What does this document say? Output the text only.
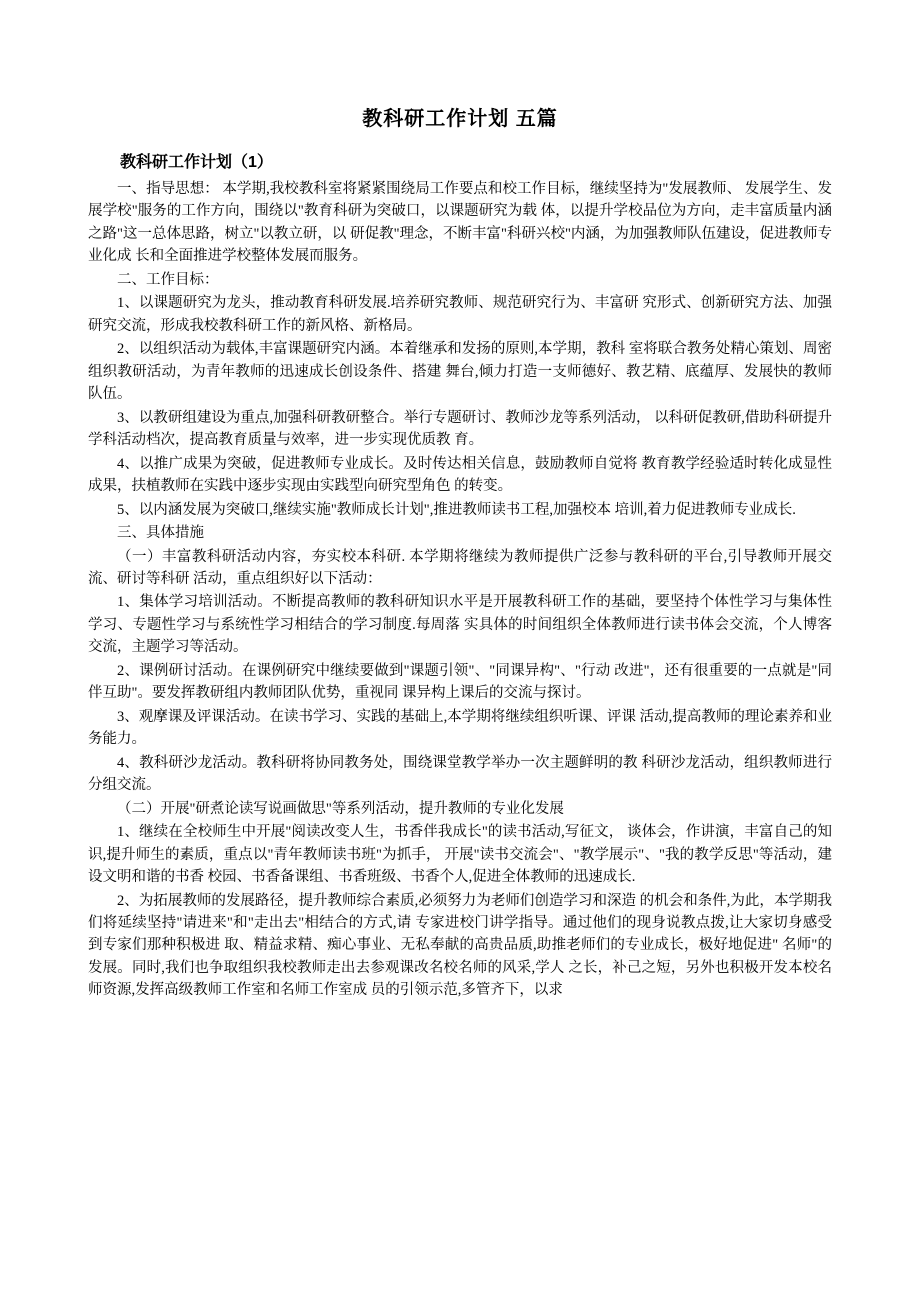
教科研工作计划 五篇
教科研工作计划（1）

一、指导思想： 本学期,我校教科室将紧紧围绕局工作要点和校工作目标，继续坚持为"发展教师、 发展学生、发展学校"服务的工作方向，围绕以"教育科研为突破口，以课题研究为载 体，以提升学校品位为方向，走丰富质量内涵之路"这一总体思路，树立"以教立研，以 研促教"理念，不断丰富"科研兴校"内涵，为加强教师队伍建设，促进教师专业化成 长和全面推进学校整体发展而服务。

二、工作目标：

1、以课题研究为龙头，推动教育科研发展.培养研究教师、规范研究行为、丰富研 究形式、创新研究方法、加强研究交流，形成我校教科研工作的新风格、新格局。

2、以组织活动为载体,丰富课题研究内涵。本着继承和发扬的原则,本学期，教科 室将联合教务处精心策划、周密组织教研活动，为青年教师的迅速成长创设条件、搭建 舞台,倾力打造一支师德好、教艺精、底蕴厚、发展快的教师队伍。

3、以教研组建设为重点,加强科研教研整合。举行专题研讨、教师沙龙等系列活动， 以科研促教研,借助科研提升学科活动档次，提高教育质量与效率，进一步实现优质教 育。

4、以推广成果为突破，促进教师专业成长。及时传达相关信息，鼓励教师自觉将 教育教学经验适时转化成显性成果，扶植教师在实践中逐步实现由实践型向研究型角色 的转变。

5、以内涵发展为突破口,继续实施"教师成长计划",推进教师读书工程,加强校本 培训,着力促进教师专业成长.

三、具体措施

（一）丰富教科研活动内容，夯实校本科研. 本学期将继续为教师提供广泛参与教科研的平台,引导教师开展交流、研讨等科研 活动，重点组织好以下活动：

1、集体学习培训活动。不断提高教师的教科研知识水平是开展教科研工作的基础，要坚持个体性学习与集体性学习、专题性学习与系统性学习相结合的学习制度.每周落 实具体的时间组织全体教师进行读书体会交流，个人博客交流，主题学习等活动。

2、课例研讨活动。在课例研究中继续要做到"课题引领"、"同课异构"、"行动 改进"，还有很重要的一点就是"同伴互助"。要发挥教研组内教师团队优势，重视同 课异构上课后的交流与探讨。

3、观摩课及评课活动。在读书学习、实践的基础上,本学期将继续组织听课、评课 活动,提高教师的理论素养和业务能力。

4、教科研沙龙活动。教科研将协同教务处，围绕课堂教学举办一次主题鲜明的教 科研沙龙活动，组织教师进行分组交流。

（二）开展"研煮论读写说画做思"等系列活动，提升教师的专业化发展

1、继续在全校师生中开展"阅读改变人生，书香伴我成长"的读书活动,写征文， 谈体会，作讲演，丰富自己的知识,提升师生的素质，重点以"青年教师读书班"为抓手， 开展"读书交流会"、"教学展示"、"我的教学反思"等活动，建设文明和谐的书香 校园、书香备课组、书香班级、书香个人,促进全体教师的迅速成长.

2、为拓展教师的发展路径，提升教师综合素质,必须努力为老师们创造学习和深造 的机会和条件,为此，本学期我们将延续坚持"请进来"和"走出去"相结合的方式,请 专家进校门讲学指导。通过他们的现身说教点拨,让大家切身感受到专家们那种积极进 取、精益求精、痴心事业、无私奉献的高贵品质,助推老师们的专业成长，极好地促进" 名师"的发展。同时,我们也争取组织我校教师走出去参观课改名校名师的风采,学人 之长，补己之短，另外也积极开发本校名师资源,发挥高级教师工作室和名师工作室成 员的引领示范,多管齐下，以求
